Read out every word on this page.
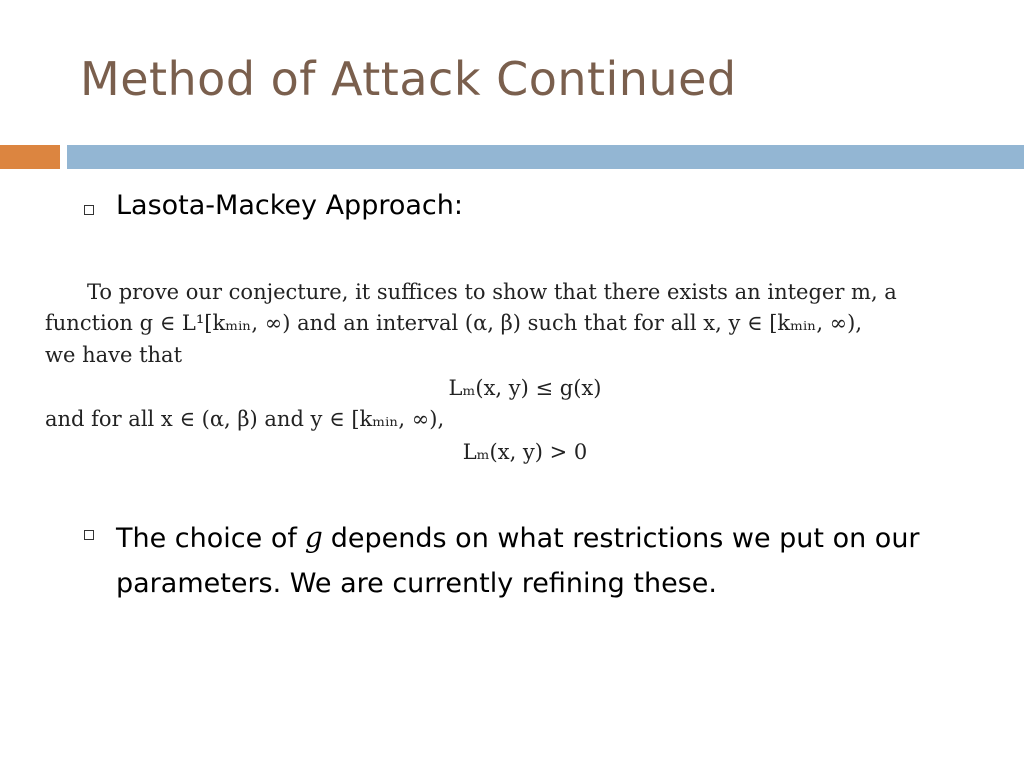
Method of Attack Continued
Lasota-Mackey Approach:
To prove our conjecture, it suffices to show that there exists an integer m, a
function g ∈ L¹[kₘᵢₙ, ∞) and an interval (α, β) such that for all x, y ∈ [kₘᵢₙ, ∞),
we have that
Lₘ(x, y) ≤ g(x)
and for all x ∈ (α, β) and y ∈ [kₘᵢₙ, ∞),
Lₘ(x, y) > 0
The choice of g depends on what restrictions we put on our parameters. We are currently refining these.
